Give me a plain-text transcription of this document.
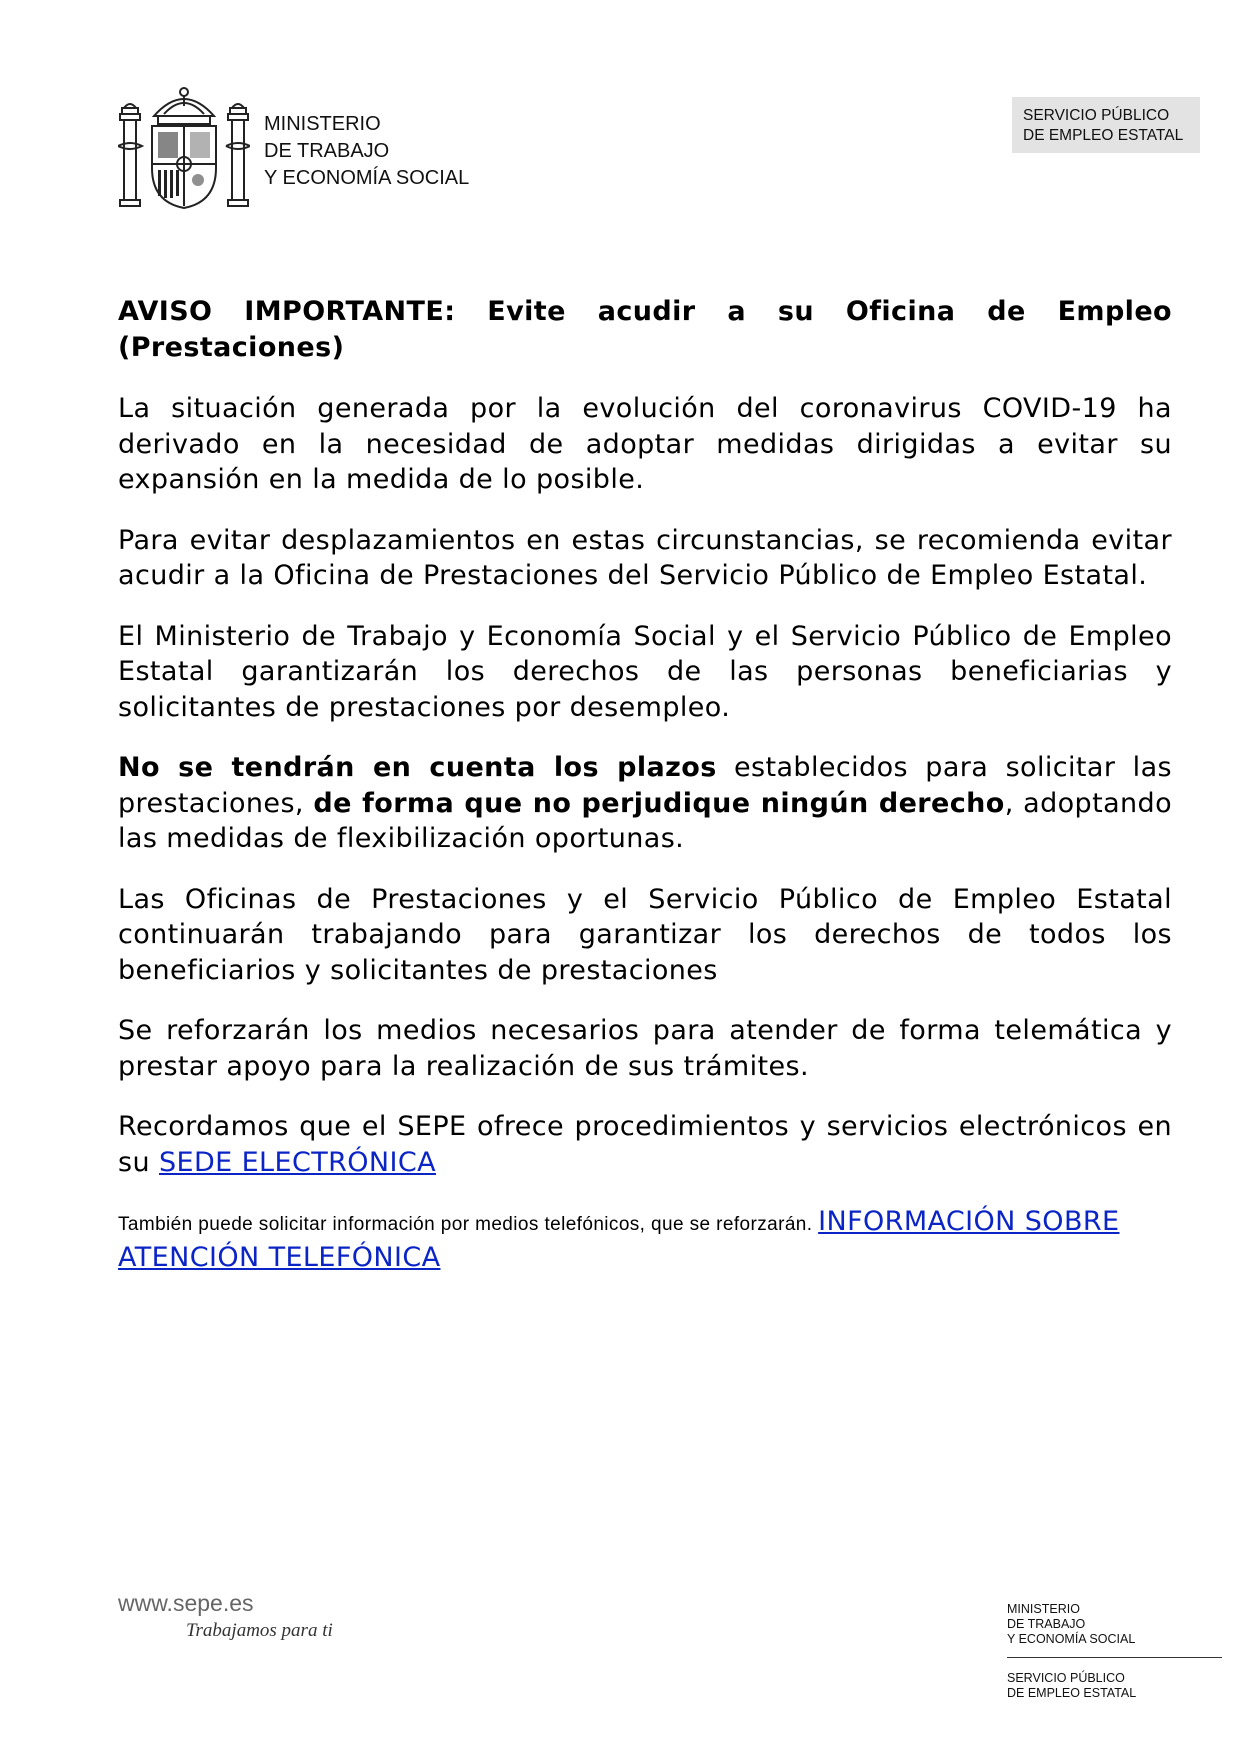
MINISTERIO
DE TRABAJO
Y ECONOMÍA SOCIAL
SERVICIO PÚBLICO
DE EMPLEO ESTATAL
AVISO IMPORTANTE: Evite acudir a su Oficina de Empleo (Prestaciones)

La situación generada por la evolución del coronavirus COVID-19 ha derivado en la necesidad de adoptar medidas dirigidas a evitar su expansión en la medida de lo posible.

Para evitar desplazamientos en estas circunstancias, se recomienda evitar acudir a la Oficina de Prestaciones del Servicio Público de Empleo Estatal.

El Ministerio de Trabajo y Economía Social y el Servicio Público de Empleo Estatal garantizarán los derechos de las personas beneficiarias y solicitantes de prestaciones por desempleo.

No se tendrán en cuenta los plazos establecidos para solicitar las prestaciones, de forma que no perjudique ningún derecho, adoptando las medidas de flexibilización oportunas.

Las Oficinas de Prestaciones y el Servicio Público de Empleo Estatal continuarán trabajando para garantizar los derechos de todos los beneficiarios y solicitantes de prestaciones

Se reforzarán los medios necesarios para atender de forma telemática y prestar apoyo para la realización de sus trámites.

Recordamos que el SEPE ofrece procedimientos y servicios electrónicos en su SEDE ELECTRÓNICA

También puede solicitar información por medios telefónicos, que se reforzarán. INFORMACIÓN SOBRE ATENCIÓN TELEFÓNICA

www.sepe.es
Trabajamos para ti
MINISTERIO
DE TRABAJO
Y ECONOMÍA SOCIAL
SERVICIO PÚBLICO
DE EMPLEO ESTATAL
